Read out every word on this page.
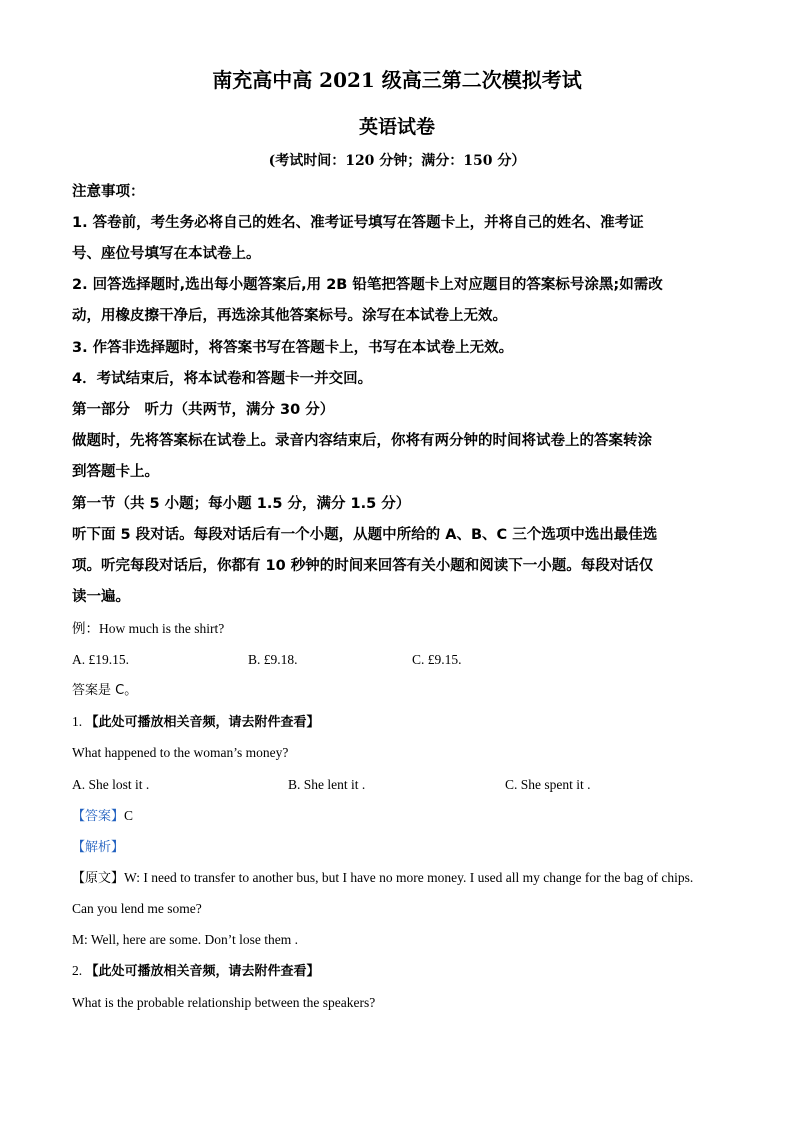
南充高中高 2021 级高三第二次模拟考试
英语试卷
(考试时间：120 分钟；满分：150 分）
注意事项：
1. 答卷前，考生务必将自己的姓名、准考证号填写在答题卡上，并将自己的姓名、准考证
号、座位号填写在本试卷上。
2. 回答选择题时,选出每小题答案后,用 2B 铅笔把答题卡上对应题目的答案标号涂黑;如需改
动，用橡皮擦干净后，再选涂其他答案标号。涂写在本试卷上无效。
3. 作答非选择题时，将答案书写在答题卡上，书写在本试卷上无效。
4．考试结束后，将本试卷和答题卡一并交回。
第一部分　听力（共两节，满分 30 分）
做题时，先将答案标在试卷上。录音内容结束后，你将有两分钟的时间将试卷上的答案转涂
到答题卡上。
第一节（共 5 小题；每小题 1.5 分，满分 1.5 分）
听下面 5 段对话。每段对话后有一个小题，从题中所给的 A、B、C 三个选项中选出最佳选
项。听完每段对话后，你都有 10 秒钟的时间来回答有关小题和阅读下一小题。每段对话仅
读一遍。
例：How much is the shirt?
A. £19.15.	B. £9.18.	C. £9.15.
答案是 C。
1. 【此处可播放相关音频，请去附件查看】
What happened to the woman’s money?
A. She lost it .	B. She lent it .	C. She spent it .
【答案】C
【解析】
【原文】W: I need to transfer to another bus, but I have no more money. I used all my change for the bag of chips.
Can you lend me some?
M: Well, here are some. Don’t lose them .
2. 【此处可播放相关音频，请去附件查看】
What is the probable relationship between the speakers?
